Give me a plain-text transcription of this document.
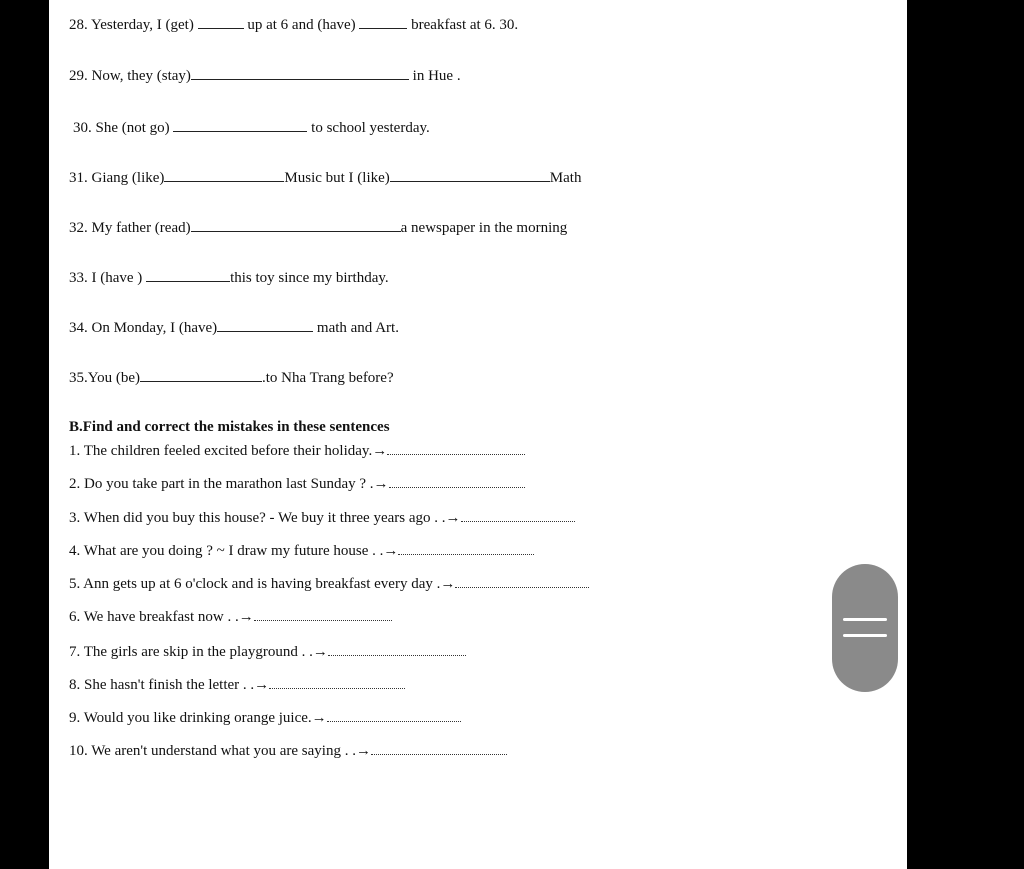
28. Yesterday, I (get)	up at 6 and (have)	breakfast at 6. 30.
29. Now, they (stay)	in Hue .
30. She (not go)	to school yesterday.
31. Giang (like)	Music but I (like)	Math
32. My father (read)	a newspaper in the morning
33. I (have )	this toy since my birthday.
34. On Monday, I (have)	math and Art.
35.You (be)	.to Nha Trang before?
B.Find and correct the mistakes in these sentences
1. The children feeled excited before their holiday.→
2. Do you take part in the marathon last Sunday ? .→
3. When did you buy this house? - We buy it three years ago . .→
4. What are you doing ? ~ I draw my future house . .→
5. Ann gets up at 6 o'clock and is having breakfast every day .→
6. We have breakfast now . .→
7. The girls are skip in the playground . .→
8. She hasn't finish the letter . .→
9. Would you like drinking orange juice.→
10. We aren't understand what you are saying . .→
